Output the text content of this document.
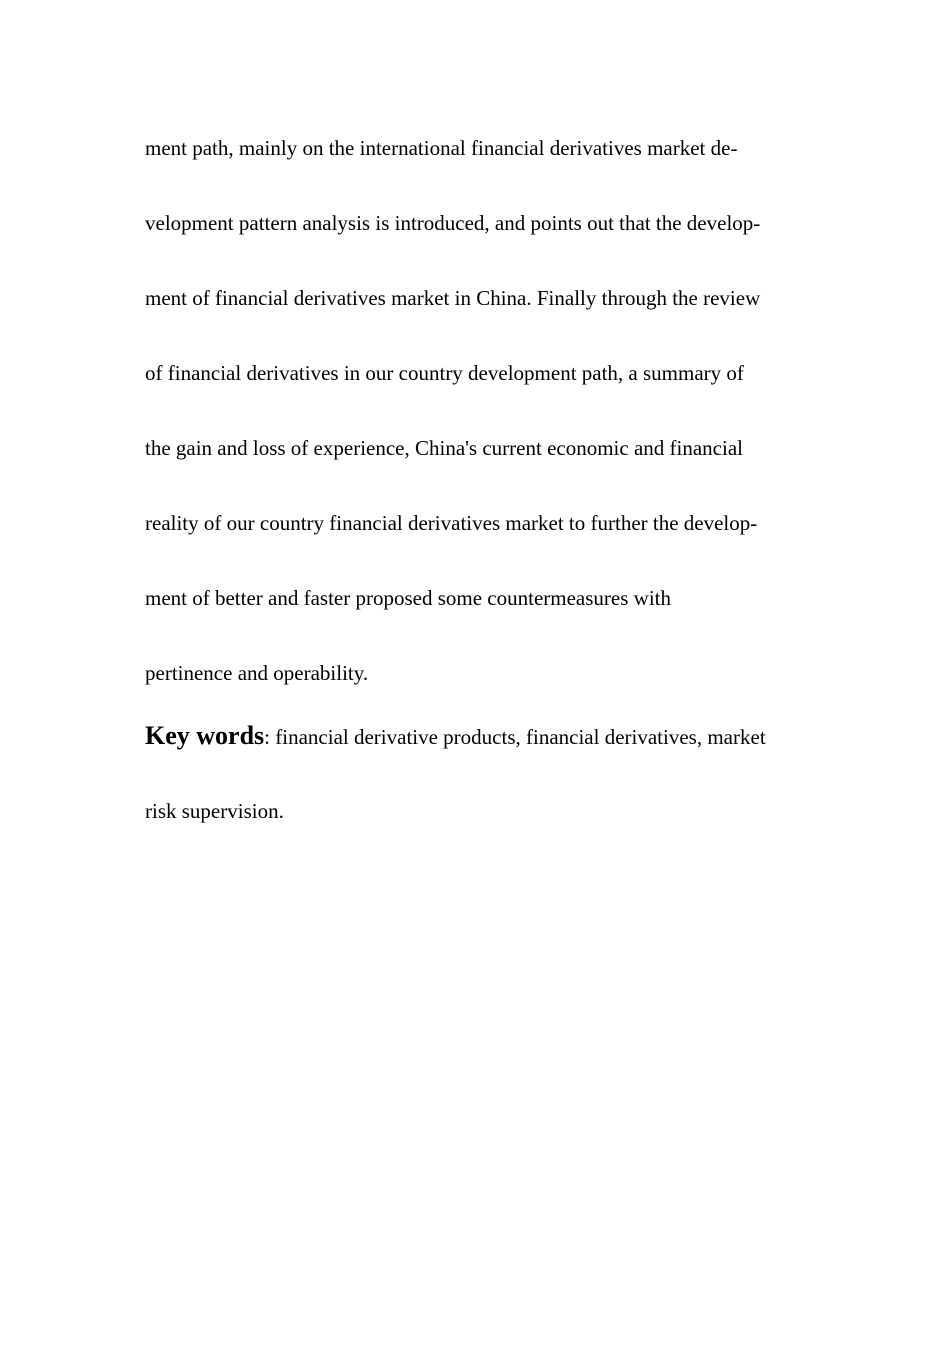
ment path, mainly on the international financial derivatives market de-
velopment pattern analysis is introduced, and points out that the develop-
ment of financial derivatives market in China. Finally through the review
of financial derivatives in our country development path, a summary of
the gain and loss of experience, China's current economic and financial
reality of our country financial derivatives market to further the develop-
ment of better and faster proposed some countermeasures with
pertinence and operability.
Key words: financial derivative products, financial derivatives, market
risk supervision.
